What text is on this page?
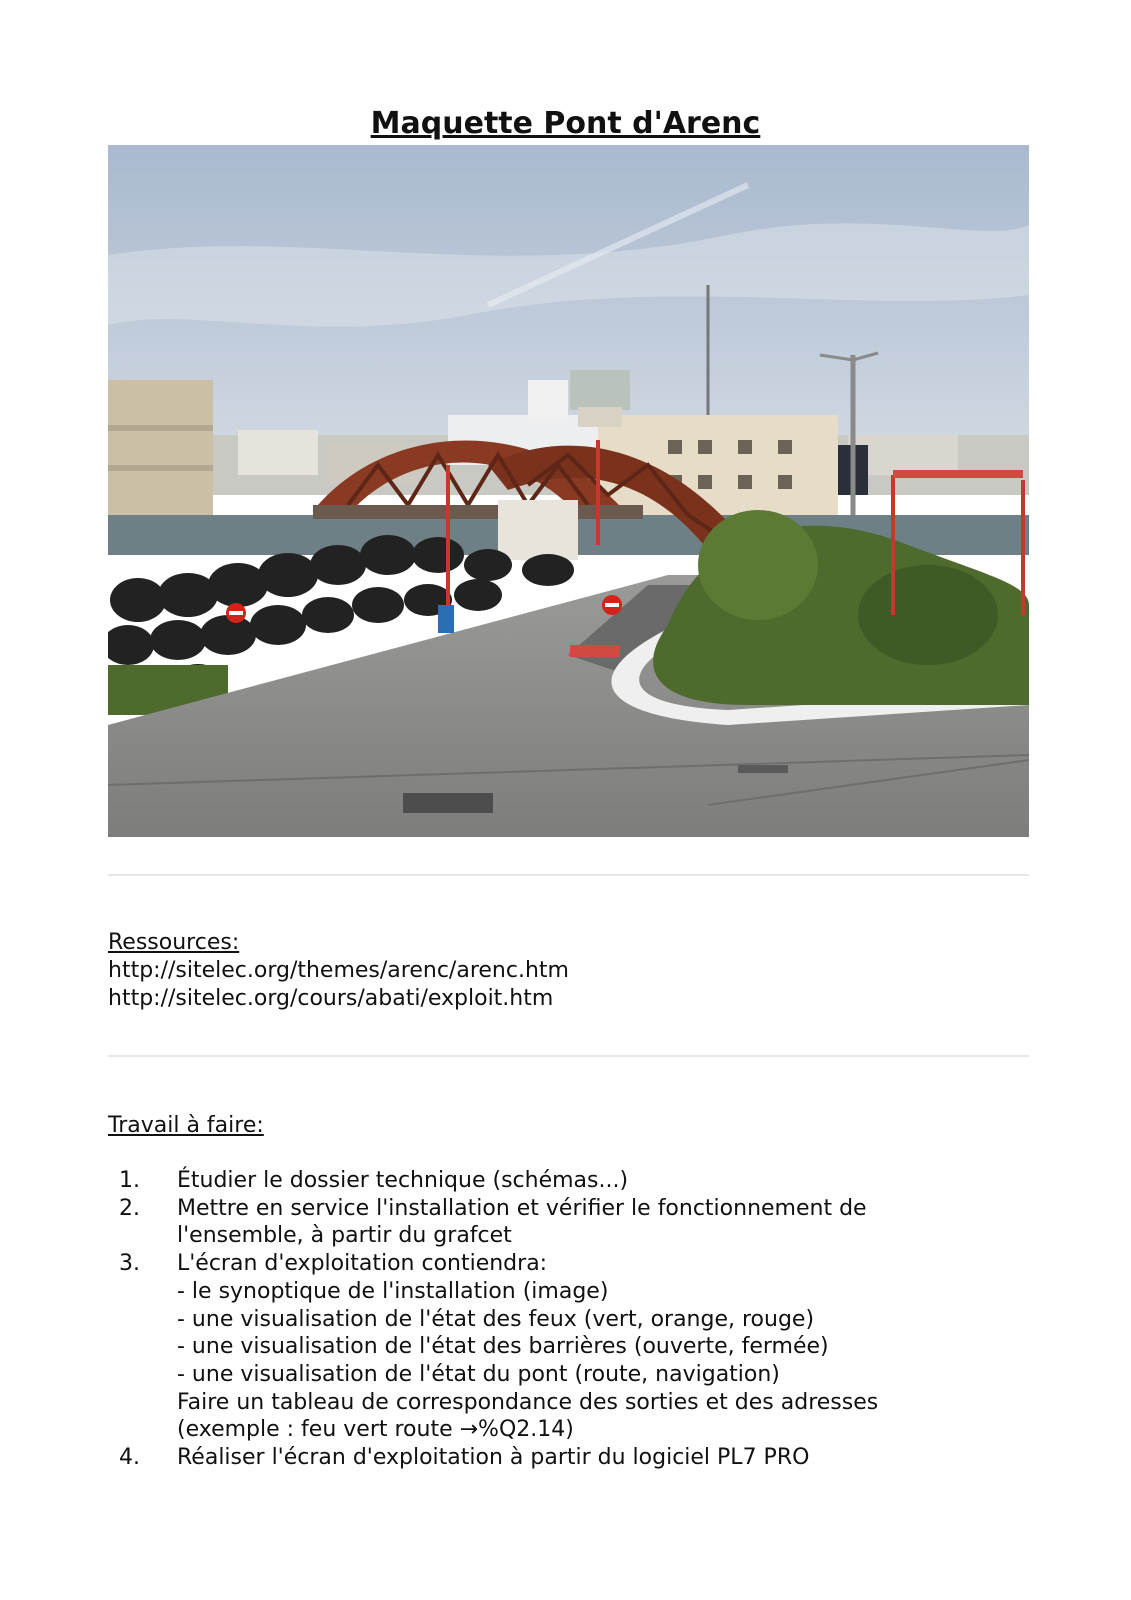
Maquette Pont d'Arenc

Ressources:

http://sitelec.org/themes/arenc/arenc.htm
http://sitelec.org/cours/abati/exploit.htm

Travail à faire:

1. Étudier le dossier technique (schémas...)
2. Mettre en service l'installation et vérifier le fonctionnement de
l'ensemble, à partir du grafcet
3. L'écran d'exploitation contiendra:
- le synoptique de l'installation (image)
- une visualisation de l'état des feux (vert, orange, rouge)
- une visualisation de l'état des barrières (ouverte, fermée)
- une visualisation de l'état du pont (route, navigation)
Faire un tableau de correspondance des sorties et des adresses
(exemple : feu vert route →%Q2.14)
4. Réaliser l'écran d'exploitation à partir du logiciel PL7 PRO
